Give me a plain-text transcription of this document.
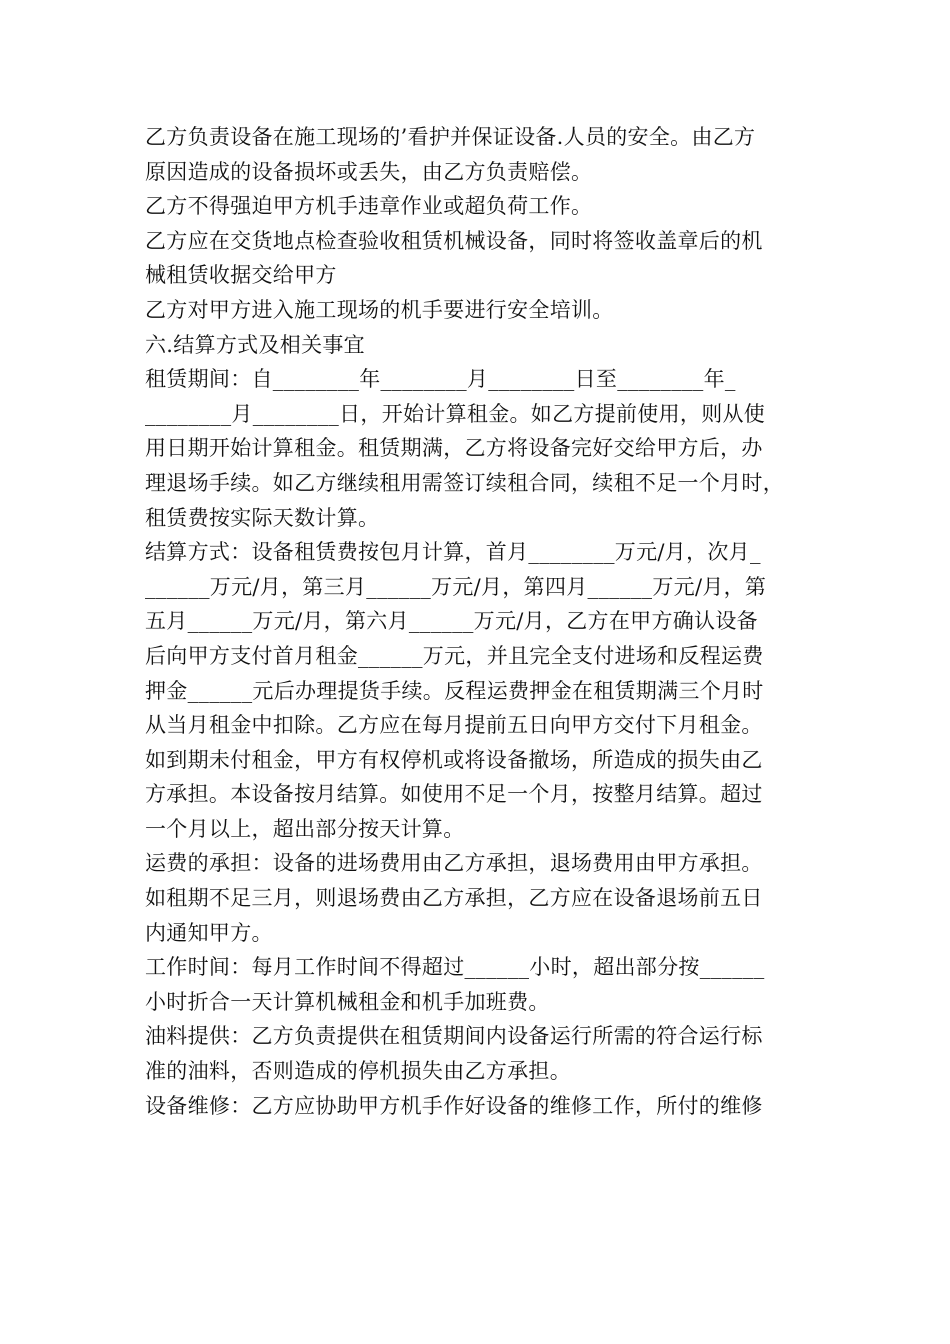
乙方负责设备在施工现场的’看护并保证设备.人员的安全。由乙方
原因造成的设备损坏或丢失，由乙方负责赔偿。
乙方不得强迫甲方机手违章作业或超负荷工作。
乙方应在交货地点检查验收租赁机械设备，同时将签收盖章后的机
械租赁收据交给甲方
乙方对甲方进入施工现场的机手要进行安全培训。
六.结算方式及相关事宜
租赁期间：自________年________月________日至________年_
________月________日，开始计算租金。如乙方提前使用，则从使
用日期开始计算租金。租赁期满，乙方将设备完好交给甲方后，办
理退场手续。如乙方继续租用需签订续租合同，续租不足一个月时，
租赁费按实际天数计算。
结算方式：设备租赁费按包月计算，首月________万元/月，次月_
______万元/月，第三月______万元/月，第四月______万元/月，第
五月______万元/月，第六月______万元/月，乙方在甲方确认设备
后向甲方支付首月租金______万元，并且完全支付进场和反程运费
押金______元后办理提货手续。反程运费押金在租赁期满三个月时
从当月租金中扣除。乙方应在每月提前五日向甲方交付下月租金。
如到期未付租金，甲方有权停机或将设备撤场，所造成的损失由乙
方承担。本设备按月结算。如使用不足一个月，按整月结算。超过
一个月以上，超出部分按天计算。
运费的承担：设备的进场费用由乙方承担，退场费用由甲方承担。
如租期不足三月，则退场费由乙方承担，乙方应在设备退场前五日
内通知甲方。
工作时间：每月工作时间不得超过______小时，超出部分按______
小时折合一天计算机械租金和机手加班费。
油料提供：乙方负责提供在租赁期间内设备运行所需的符合运行标
准的油料，否则造成的停机损失由乙方承担。
设备维修：乙方应协助甲方机手作好设备的维修工作，所付的维修
